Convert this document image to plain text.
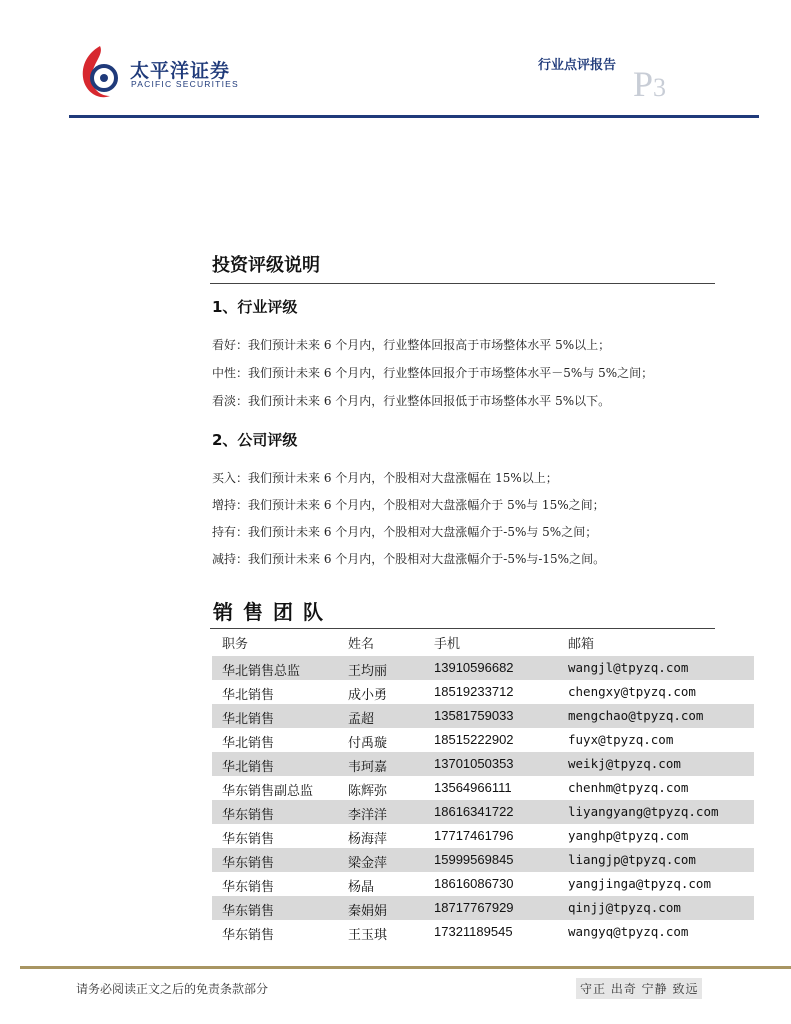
太平洋证券
PACIFIC SECURITIES
行业点评报告 P3
投资评级说明
1、行业评级
看好：我们预计未来 6 个月内，行业整体回报高于市场整体水平 5%以上；
中性：我们预计未来 6 个月内，行业整体回报介于市场整体水平－5%与 5%之间；
看淡：我们预计未来 6 个月内，行业整体回报低于市场整体水平 5%以下。
2、公司评级
买入：我们预计未来 6 个月内，个股相对大盘涨幅在 15%以上；
增持：我们预计未来 6 个月内，个股相对大盘涨幅介于 5%与 15%之间；
持有：我们预计未来 6 个月内，个股相对大盘涨幅介于-5%与 5%之间；
减持：我们预计未来 6 个月内，个股相对大盘涨幅介于-5%与-15%之间。
销售团队
职务	姓名	手机	邮箱
华北销售总监	王均丽	13910596682	wangjl@tpyzq.com
华北销售	成小勇	18519233712	chengxy@tpyzq.com
华北销售	孟超	13581759033	mengchao@tpyzq.com
华北销售	付禹璇	18515222902	fuyx@tpyzq.com
华北销售	韦珂嘉	13701050353	weikj@tpyzq.com
华东销售副总监	陈辉弥	13564966111	chenhm@tpyzq.com
华东销售	李洋洋	18616341722	liyangyang@tpyzq.com
华东销售	杨海萍	17717461796	yanghp@tpyzq.com
华东销售	梁金萍	15999569845	liangjp@tpyzq.com
华东销售	杨晶	18616086730	yangjinga@tpyzq.com
华东销售	秦娟娟	18717767929	qinjj@tpyzq.com
华东销售	王玉琪	17321189545	wangyq@tpyzq.com
请务必阅读正文之后的免责条款部分	守正 出奇 宁静 致远
